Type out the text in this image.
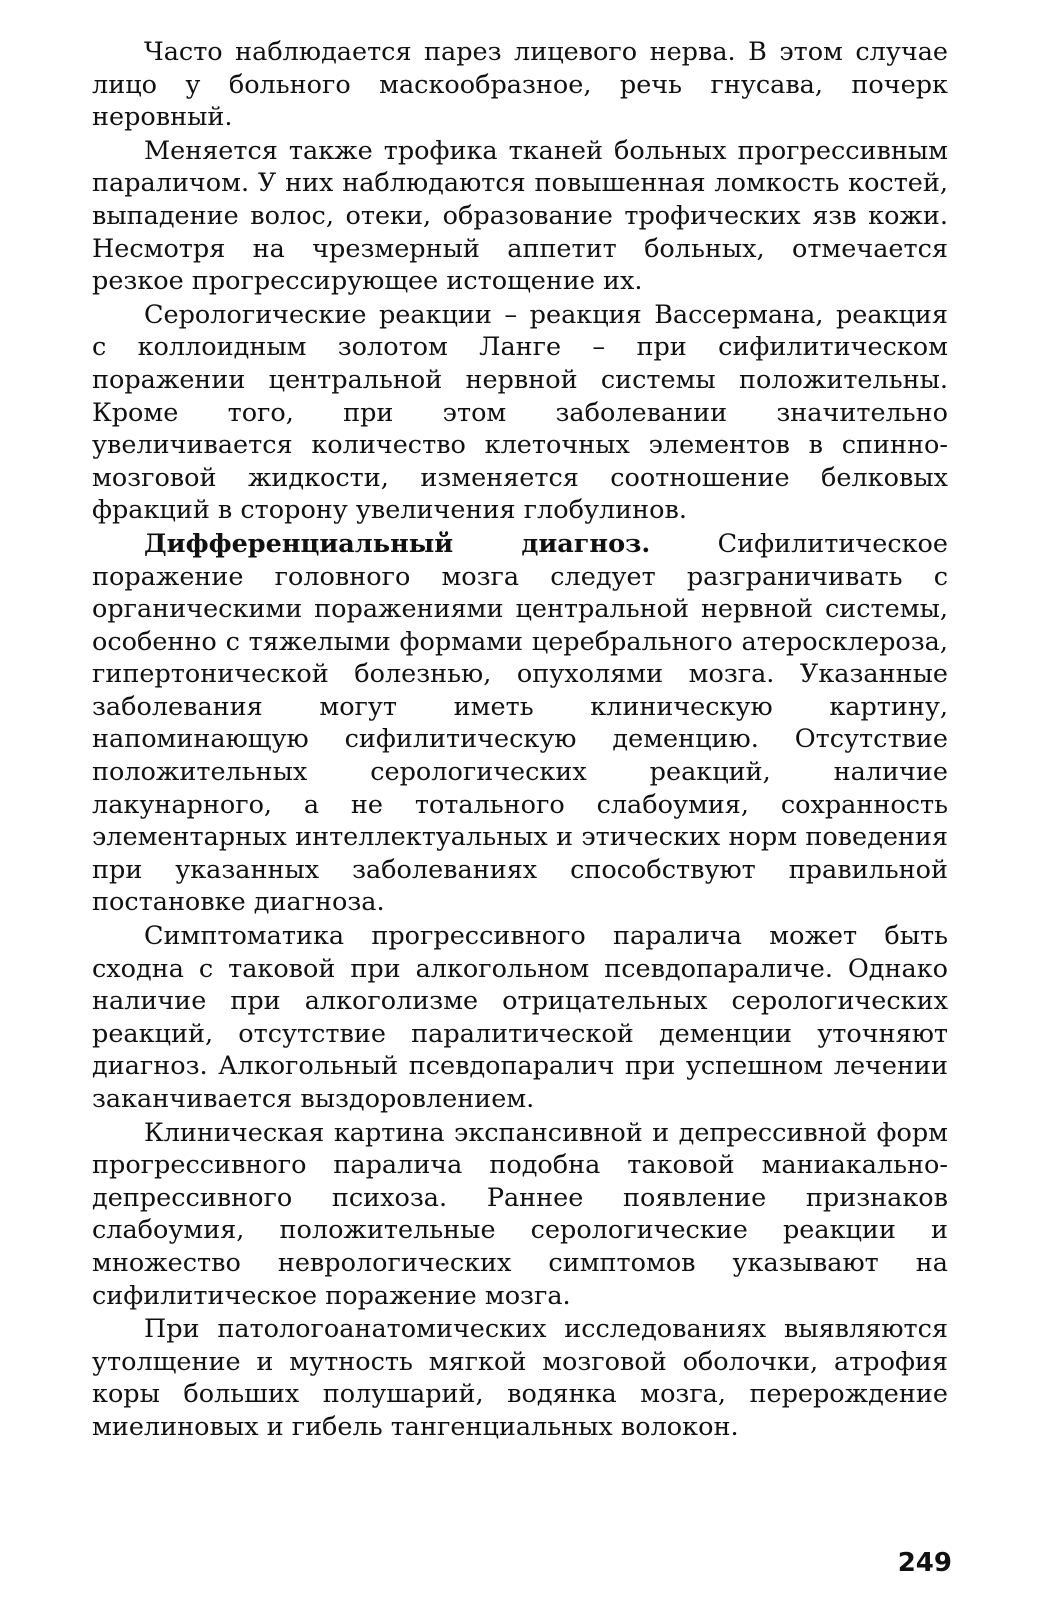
Часто наблюдается парез лицевого нерва. В этом случае лицо у больного маскообразное, речь гнусава, почерк неровный.

Меняется также трофика тканей больных прогрессивным параличом. У них наблюдаются повышенная ломкость костей, выпадение волос, отеки, образование трофических язв кожи. Несмотря на чрезмерный аппетит больных, отмечается резкое прогрессирующее истощение их.

Серологические реакции – реакция Вассермана, реакция с коллоидным золотом Ланге – при сифилитическом поражении центральной нервной системы положительны. Кроме того, при этом заболевании значительно увеличивается количество клеточных элементов в спинно-мозговой жидкости, изменяется соотношение белковых фракций в сторону увеличения глобулинов.

Дифференциальный диагноз. Сифилитическое поражение головного мозга следует разграничивать с органическими поражениями центральной нервной системы, особенно с тяжелыми формами церебрального атеросклероза, гипертонической болезнью, опухолями мозга. Указанные заболевания могут иметь клиническую картину, напоминающую сифилитическую деменцию. Отсутствие положительных серологических реакций, наличие лакунарного, а не тотального слабоумия, сохранность элементарных интеллектуальных и этических норм поведения при указанных заболеваниях способствуют правильной постановке диагноза.

Симптоматика прогрессивного паралича может быть сходна с таковой при алкогольном псевдопараличе. Однако наличие при алкоголизме отрицательных серологических реакций, отсутствие паралитической деменции уточняют диагноз. Алкогольный псевдопаралич при успешном лечении заканчивается выздоровлением.

Клиническая картина экспансивной и депрессивной форм прогрессивного паралича подобна таковой маниакально-депрессивного психоза. Раннее появление признаков слабоумия, положительные серологические реакции и множество неврологических симптомов указывают на сифилитическое поражение мозга.

При патологоанатомических исследованиях выявляются утолщение и мутность мягкой мозговой оболочки, атрофия коры больших полушарий, водянка мозга, перерождение миелиновых и гибель тангенциальных волокон.

249
